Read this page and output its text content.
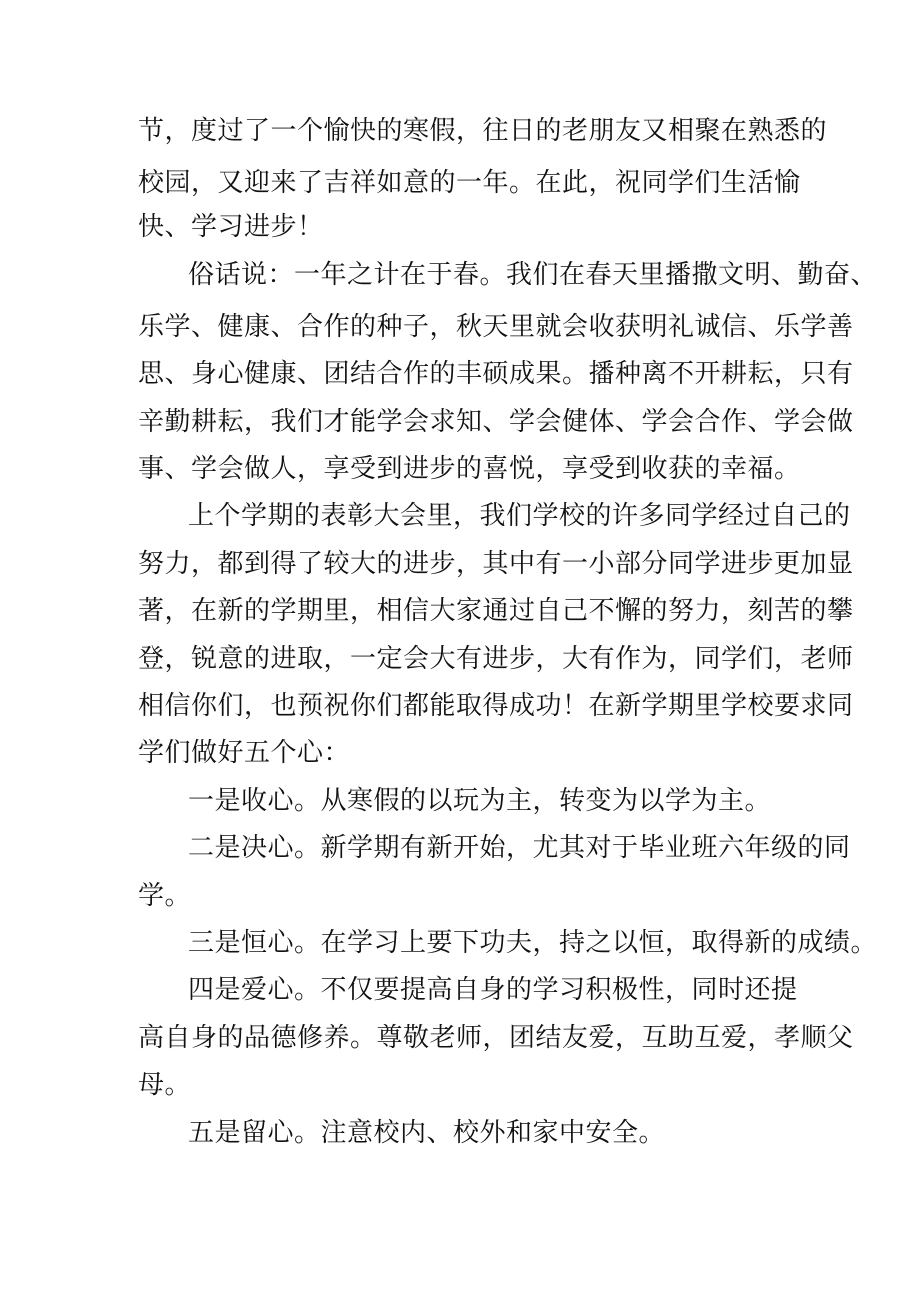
节，度过了一个愉快的寒假，往日的老朋友又相聚在熟悉的
校园，又迎来了吉祥如意的一年。在此，祝同学们生活愉
快、学习进步！
俗话说：一年之计在于春。我们在春天里播撒文明、勤奋、
乐学、健康、合作的种子，秋天里就会收获明礼诚信、乐学善
思、身心健康、团结合作的丰硕成果。播种离不开耕耘，只有
辛勤耕耘，我们才能学会求知、学会健体、学会合作、学会做
事、学会做人，享受到进步的喜悦，享受到收获的幸福。
上个学期的表彰大会里，我们学校的许多同学经过自己的
努力，都到得了较大的进步，其中有一小部分同学进步更加显
著，在新的学期里，相信大家通过自己不懈的努力，刻苦的攀
登，锐意的进取，一定会大有进步，大有作为，同学们，老师
相信你们，也预祝你们都能取得成功！在新学期里学校要求同
学们做好五个心：
一是收心。从寒假的以玩为主，转变为以学为主。
二是决心。新学期有新开始，尤其对于毕业班六年级的同
学。
三是恒心。在学习上要下功夫，持之以恒，取得新的成绩。
四是爱心。不仅要提高自身的学习积极性，同时还提
高自身的品德修养。尊敬老师，团结友爱，互助互爱，孝顺父
母。
五是留心。注意校内、校外和家中安全。
